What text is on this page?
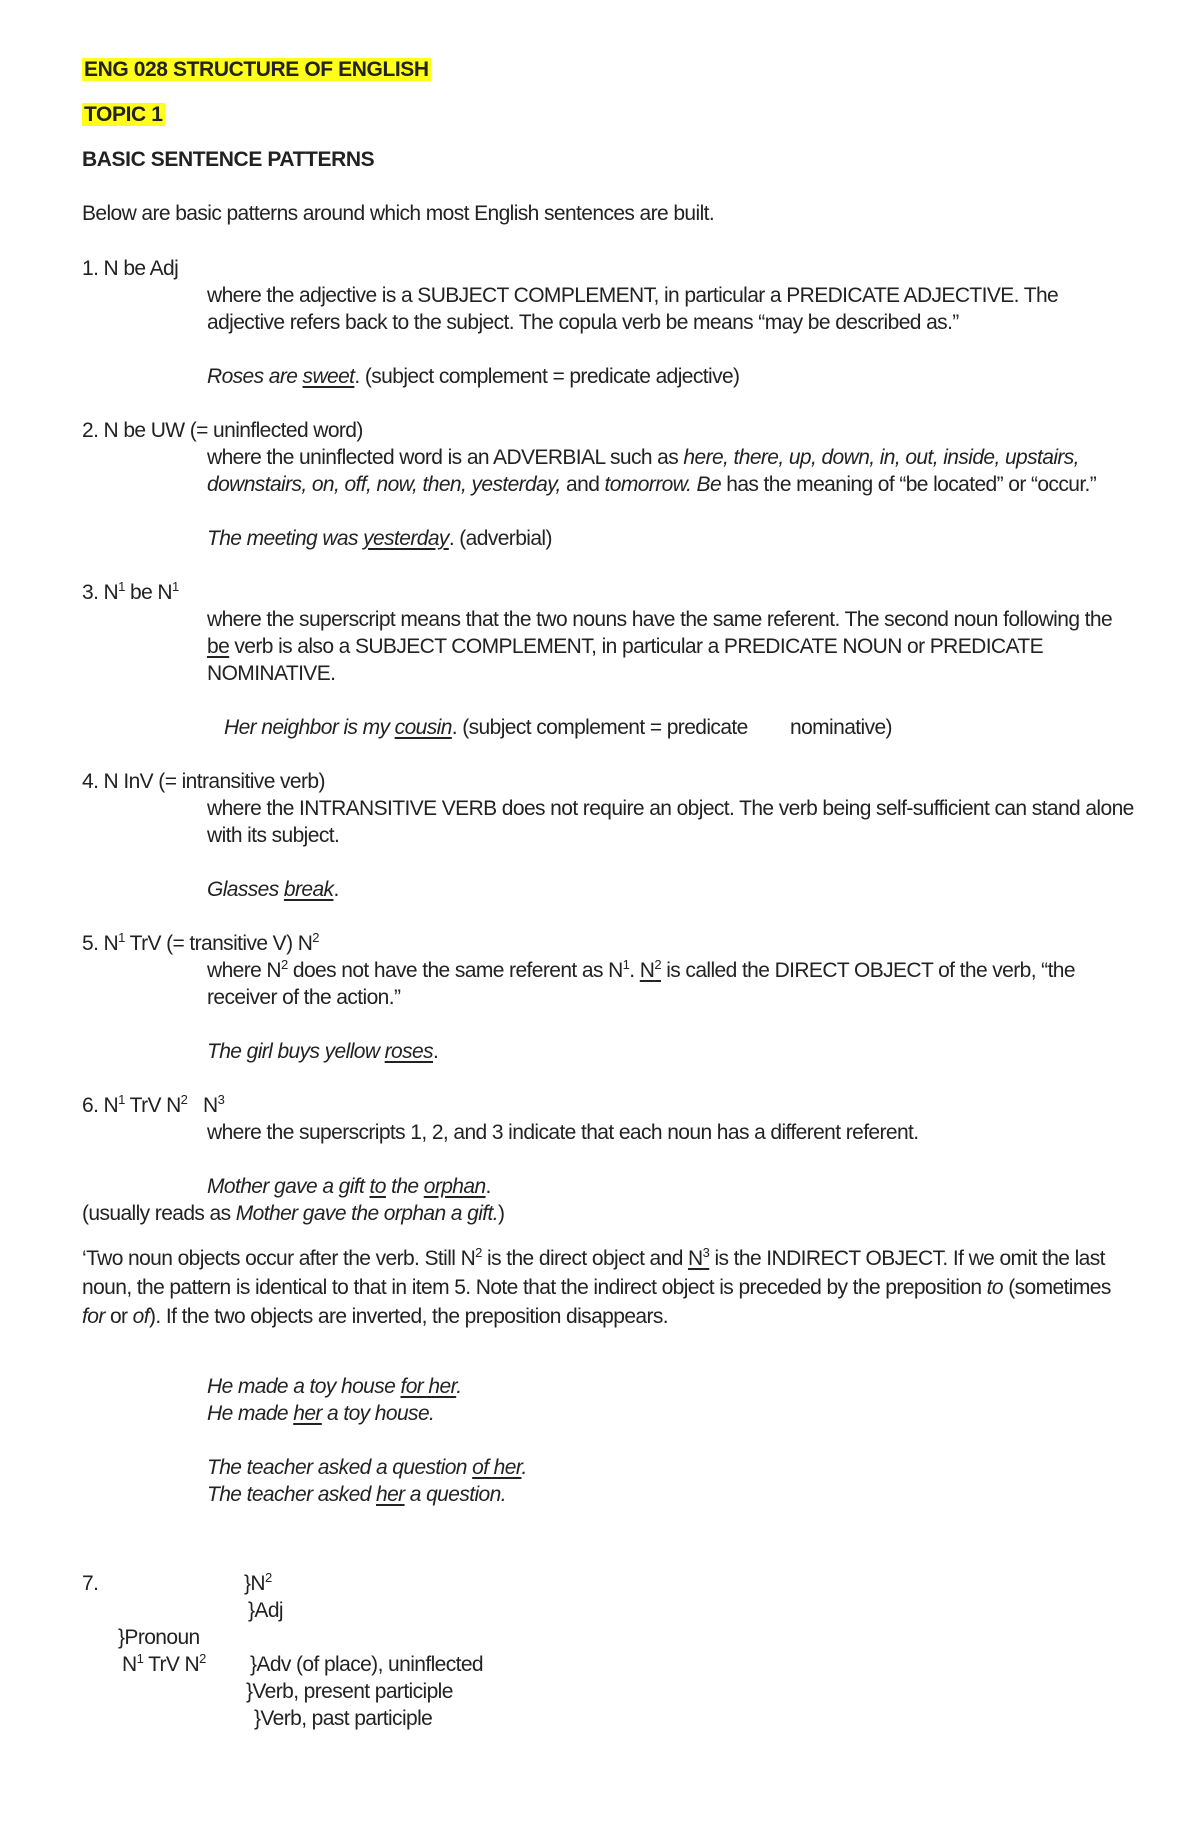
ENG 028 STRUCTURE OF ENGLISH
TOPIC 1
BASIC SENTENCE PATTERNS
Below are basic patterns around which most English sentences are built.
1. N be Adj
where the adjective is a SUBJECT COMPLEMENT, in particular a PREDICATE ADJECTIVE. The
adjective refers back to the subject. The copula verb be means “may be described as.”
Roses are sweet. (subject complement = predicate adjective)
2. N be UW (= uninflected word)
where the uninflected word is an ADVERBIAL such as here, there, up, down, in, out, inside, upstairs,
downstairs, on, off, now, then, yesterday, and tomorrow. Be has the meaning of “be located” or “occur.”
The meeting was yesterday. (adverbial)
3. $N^1$ be $N^1$
where the superscript means that the two nouns have the same referent. The second noun following the
be verb is also a SUBJECT COMPLEMENT, in particular a PREDICATE NOUN or PREDICATE
NOMINATIVE.
Her neighbor is my cousin. (subject complement = predicate nominative)
4. N InV (= intransitive verb)
where the INTRANSITIVE VERB does not require an object. The verb being self-sufficient can stand alone
with its subject.
Glasses break.
5. $N^1$ TrV (= transitive V) $N^2$
where $N^2$ does not have the same referent as $N^1$. $N^2$ is called the DIRECT OBJECT of the verb, “the
receiver of the action.”
The girl buys yellow roses.
6. $N^1$ TrV $N^2$   $N^3$
where the superscripts 1, 2, and 3 indicate that each noun has a different referent.
Mother gave a gift to the orphan.
(usually reads as Mother gave the orphan a gift.)
‘Two noun objects occur after the verb. Still $N^2$ is the direct object and $N^3$ is the INDIRECT OBJECT. If we omit the last
noun, the pattern is identical to that in item 5. Note that the indirect object is preceded by the preposition to (sometimes
for or of). If the two objects are inverted, the preposition disappears.
He made a toy house for her.
He made her a toy house.
The teacher asked a question of her.
The teacher asked her a question.
7.	}$N^2$
}Adj
}Pronoun
$N^1$ TrV $N^2$ }Adv (of place), uninflected
}Verb, present participle
}Verb, past participle
